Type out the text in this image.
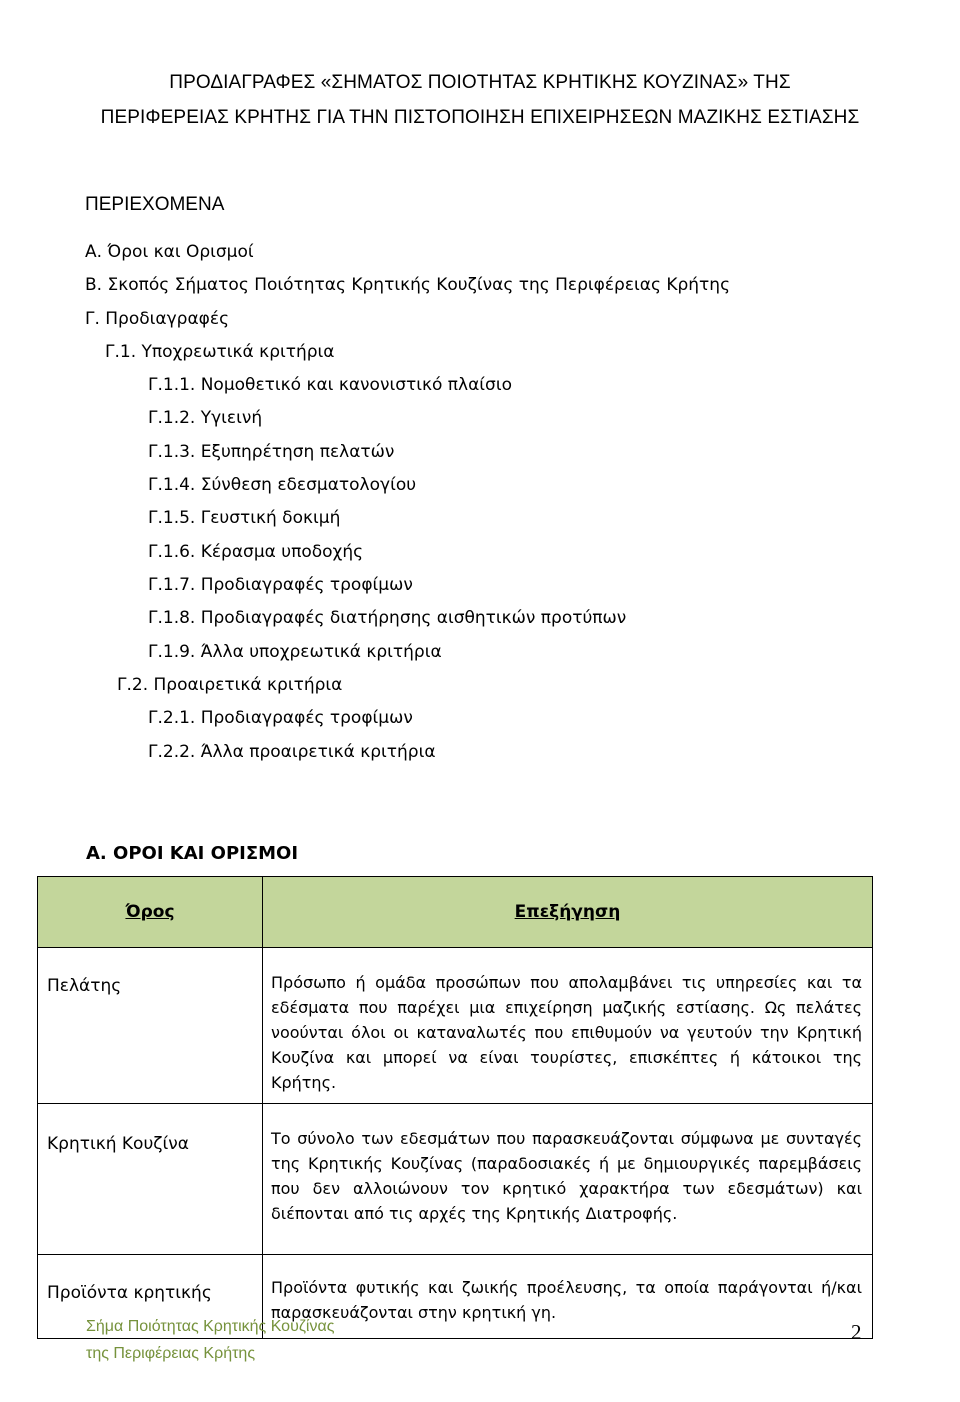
ΠΡΟΔΙΑΓΡΑΦΕΣ «ΣΗΜΑΤΟΣ ΠΟΙΟΤΗΤΑΣ ΚΡΗΤΙΚΗΣ ΚΟΥΖΙΝΑΣ» ΤΗΣ
ΠΕΡΙΦΕΡΕΙΑΣ ΚΡΗΤΗΣ ΓΙΑ ΤΗΝ ΠΙΣΤΟΠΟΙΗΣΗ ΕΠΙΧΕΙΡΗΣΕΩΝ ΜΑΖΙΚΗΣ ΕΣΤΙΑΣΗΣ
ΠΕΡΙΕΧΟΜΕΝΑ
Α. Όροι και Ορισμοί
Β. Σκοπός Σήματος Ποιότητας Κρητικής Κουζίνας της Περιφέρειας Κρήτης
Γ. Προδιαγραφές
Γ.1. Υποχρεωτικά κριτήρια
Γ.1.1. Νομοθετικό και κανονιστικό πλαίσιο
Γ.1.2. Υγιεινή
Γ.1.3. Εξυπηρέτηση πελατών
Γ.1.4. Σύνθεση εδεσματολογίου
Γ.1.5. Γευστική δοκιμή
Γ.1.6. Κέρασμα υποδοχής
Γ.1.7. Προδιαγραφές τροφίμων
Γ.1.8. Προδιαγραφές διατήρησης αισθητικών προτύπων
Γ.1.9. Άλλα υποχρεωτικά κριτήρια
Γ.2. Προαιρετικά κριτήρια
Γ.2.1. Προδιαγραφές τροφίμων
Γ.2.2. Άλλα προαιρετικά κριτήρια
Α. ΟΡΟΙ ΚΑΙ ΟΡΙΣΜΟΙ
Όρος	Επεξήγηση
Πελάτης	Πρόσωπο ή ομάδα προσώπων που απολαμβάνει τις υπηρεσίες και τα εδέσματα που παρέχει μια επιχείρηση μαζικής εστίασης. Ως πελάτες νοούνται όλοι οι καταναλωτές που επιθυμούν να γευτούν την Κρητική Κουζίνα και μπορεί να είναι τουρίστες, επισκέπτες ή κάτοικοι της Κρήτης.
Κρητική Κουζίνα	Το σύνολο των εδεσμάτων που παρασκευάζονται σύμφωνα με συνταγές της Κρητικής Κουζίνας (παραδοσιακές ή με δημιουργικές παρεμβάσεις που δεν αλλοιώνουν τον κρητικό χαρακτήρα των εδεσμάτων) και διέπονται από τις αρχές της Κρητικής Διατροφής.
Προϊόντα κρητικής	Προϊόντα φυτικής και ζωικής προέλευσης, τα οποία παράγονται ή/και παρασκευάζονται στην κρητική γη.
Σήμα Ποιότητας Κρητικής Κουζίνας
της Περιφέρειας Κρήτης
2
